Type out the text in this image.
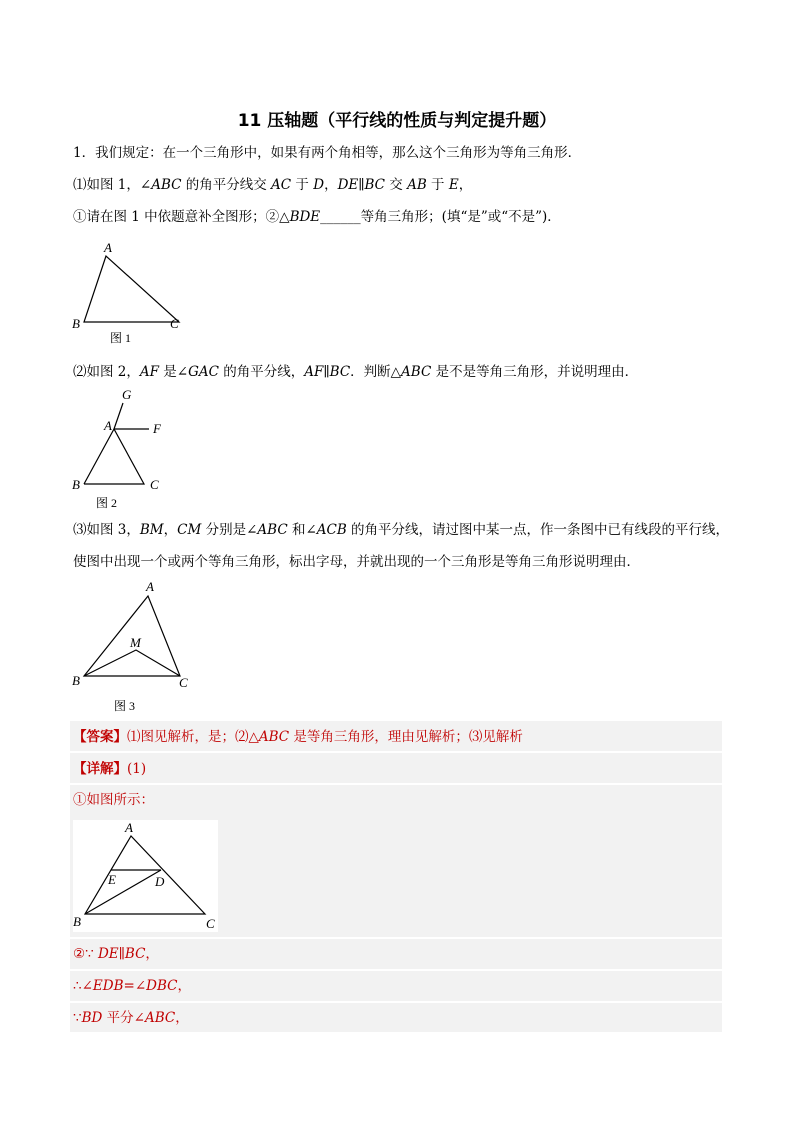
11 压轴题（平行线的性质与判定提升题）
1．我们规定：在一个三角形中，如果有两个角相等，那么这个三角形为等角三角形．
⑴如图 1，∠ABC 的角平分线交 AC 于 D，DE∥BC 交 AB 于 E，
①请在图 1 中依题意补全图形；②△BDE______等角三角形；(填“是”或“不是”)．
A
B	C
图 1
⑵如图 2，AF 是∠GAC 的角平分线，AF∥BC．判断△ABC 是不是等角三角形，并说明理由．
G
A	F
B	C
图 2
⑶如图 3，BM，CM 分别是∠ABC 和∠ACB 的角平分线，请过图中某一点，作一条图中已有线段的平行线，
使图中出现一个或两个等角三角形，标出字母，并就出现的一个三角形是等角三角形说明理由．
A
M
B	C
图 3
【答案】⑴图见解析，是；⑵△ABC 是等角三角形，理由见解析；⑶见解析
【详解】(1)
①如图所示：
A
E	D
B	C
②∵ DE∥BC，
∴∠EDB=∠DBC，
∵BD 平分∠ABC，
